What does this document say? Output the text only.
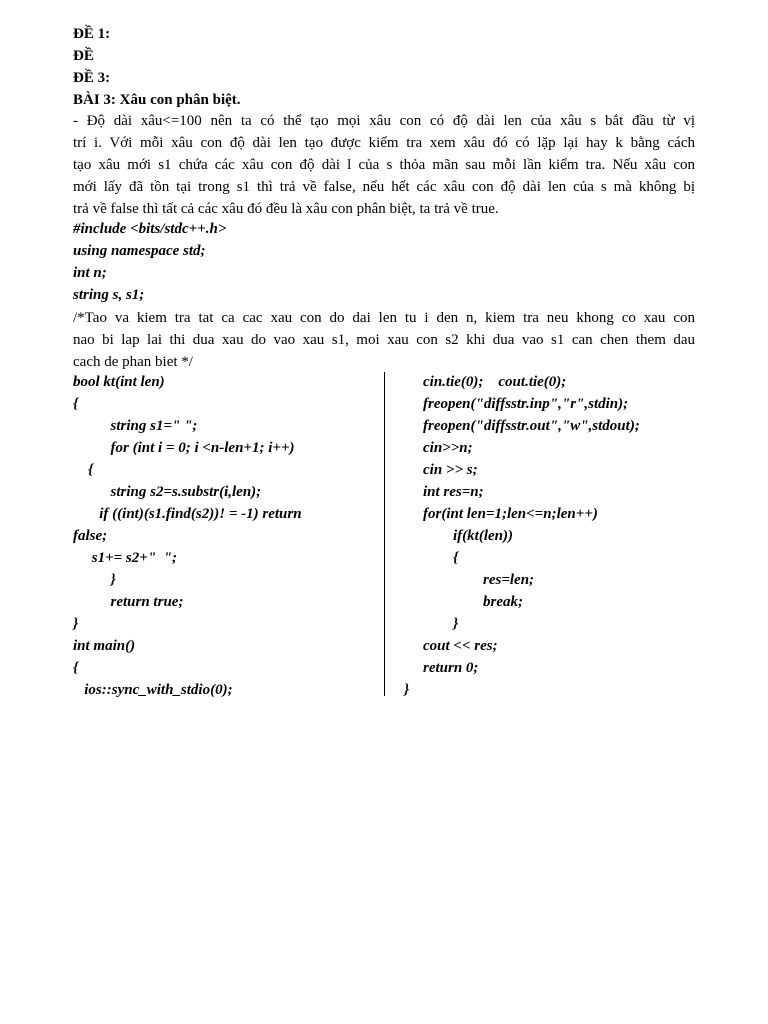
ĐỀ 1:
ĐỀ
ĐỀ 3:
BÀI 3: Xâu con phân biệt.
- Độ dài xâu<=100 nên ta có thể tạo mọi xâu con có độ dài len của xâu s bắt đầu từ vị
trí i. Với mỗi xâu con độ dài len tạo được kiểm tra xem xâu đó có lặp lại hay k bằng cách
tạo xâu mới s1 chứa các xâu con độ dài l của s thỏa mãn sau mỗi lần kiểm tra. Nếu xâu con
mới lấy đã tồn tại trong s1 thì trả về false, nếu hết các xâu con độ dài len của s mà không bị
trả về false thì tất cả các xâu đó đều là xâu con phân biệt, ta trả về true.
#include <bits/stdc++.h>
using namespace std;
int n;
string s, s1;
/*Tao va kiem tra tat ca cac xau con do dai len tu i den n, kiem tra neu khong co xau con
nao bi lap lai thi dua xau do vao xau s1, moi xau con s2 khi dua vao s1 can chen them dau
cach de phan biet */
bool kt(int len)
{
string s1=" ";
for (int i = 0; i <n-len+1; i++)
{
string s2=s.substr(i,len);
if ((int)(s1.find(s2))! = -1) return
false;
s1+= s2+"  ";
}
return true;
}
int main()
{
ios::sync_with_stdio(0);
cin.tie(0);    cout.tie(0);
freopen("diffsstr.inp","r",stdin);
freopen("diffsstr.out","w",stdout);
cin>>n;
cin >> s;
int res=n;
for(int len=1;len<=n;len++)
if(kt(len))
{
res=len;
break;
}
cout << res;
return 0;
}
